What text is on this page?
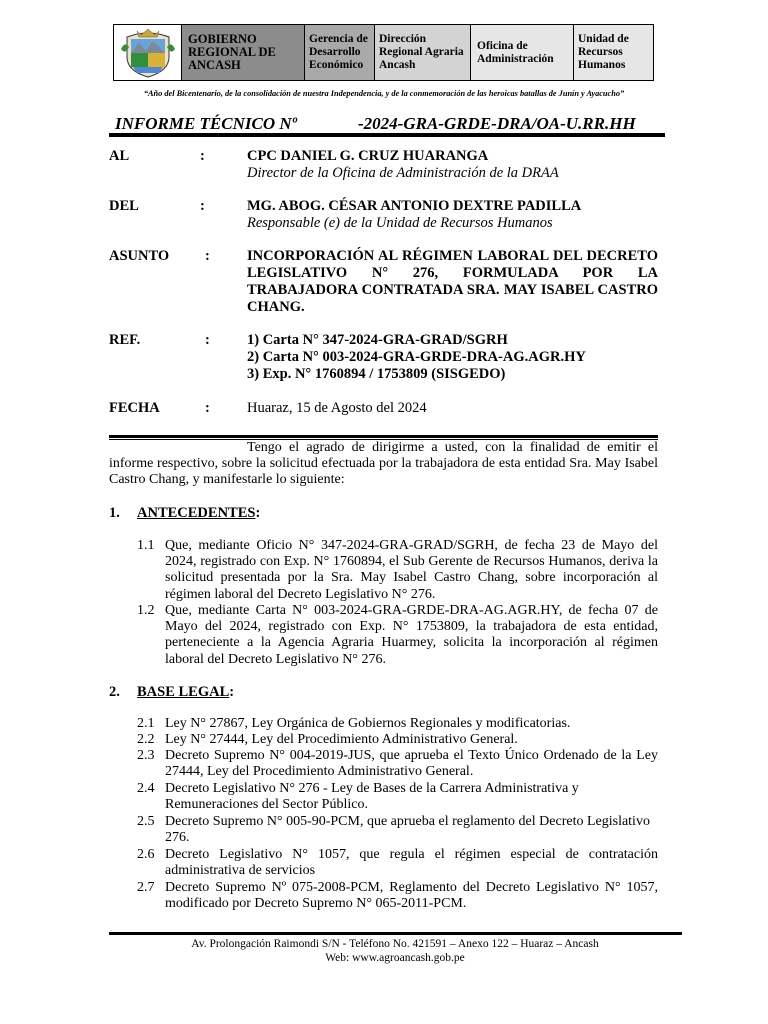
GOBIERNO REGIONAL DE ANCASH
Gerencia de Desarrollo Económico
Dirección Regional Agraria Ancash
Oficina de Administración
Unidad de Recursos Humanos
“Año del Bicentenario, de la consolidación de nuestra Independencia, y de la conmemoración de las heroicas batallas de Junín y Ayacucho”
INFORME TÉCNICO Nº	-2024-GRA-GRDE-DRA/OA-U.RR.HH
AL	:	CPC DANIEL G. CRUZ HUARANGA
Director de la Oficina de Administración de la DRAA
DEL	:	MG. ABOG. CÉSAR ANTONIO DEXTRE PADILLA
Responsable (e) de la Unidad de Recursos Humanos
ASUNTO :	INCORPORACIÓN AL RÉGIMEN LABORAL DEL DECRETO LEGISLATIVO N° 276, FORMULADA POR LA TRABAJADORA CONTRATADA SRA. MAY ISABEL CASTRO CHANG.
REF.	:	1) Carta N° 347-2024-GRA-GRAD/SGRH
2) Carta N° 003-2024-GRA-GRDE-DRA-AG.AGR.HY
3) Exp. N° 1760894 / 1753809 (SISGEDO)
FECHA	:	Huaraz, 15 de Agosto del 2024
Tengo el agrado de dirigirme a usted, con la finalidad de emitir el informe respectivo, sobre la solicitud efectuada por la trabajadora de esta entidad Sra. May Isabel Castro Chang, y manifestarle lo siguiente:
1. ANTECEDENTES:
1.1 Que, mediante Oficio N° 347-2024-GRA-GRAD/SGRH, de fecha 23 de Mayo del 2024, registrado con Exp. N° 1760894, el Sub Gerente de Recursos Humanos, deriva la solicitud presentada por la Sra. May Isabel Castro Chang, sobre incorporación al régimen laboral del Decreto Legislativo N° 276.
1.2 Que, mediante Carta N° 003-2024-GRA-GRDE-DRA-AG.AGR.HY, de fecha 07 de Mayo del 2024, registrado con Exp. N° 1753809, la trabajadora de esta entidad, perteneciente a la Agencia Agraria Huarmey, solicita la incorporación al régimen laboral del Decreto Legislativo N° 276.
2. BASE LEGAL:
2.1 Ley N° 27867, Ley Orgánica de Gobiernos Regionales y modificatorias.
2.2 Ley N° 27444, Ley del Procedimiento Administrativo General.
2.3 Decreto Supremo N° 004-2019-JUS, que aprueba el Texto Único Ordenado de la Ley 27444, Ley del Procedimiento Administrativo General.
2.4 Decreto Legislativo N° 276 - Ley de Bases de la Carrera Administrativa y Remuneraciones del Sector Público.
2.5 Decreto Supremo N° 005-90-PCM, que aprueba el reglamento del Decreto Legislativo 276.
2.6 Decreto Legislativo N° 1057, que regula el régimen especial de contratación administrativa de servicios
2.7 Decreto Supremo Nº 075-2008-PCM, Reglamento del Decreto Legislativo N° 1057, modificado por Decreto Supremo N° 065-2011-PCM.
Av. Prolongación Raimondi S/N - Teléfono No. 421591 – Anexo 122 – Huaraz – Ancash
Web: www.agroancash.gob.pe
